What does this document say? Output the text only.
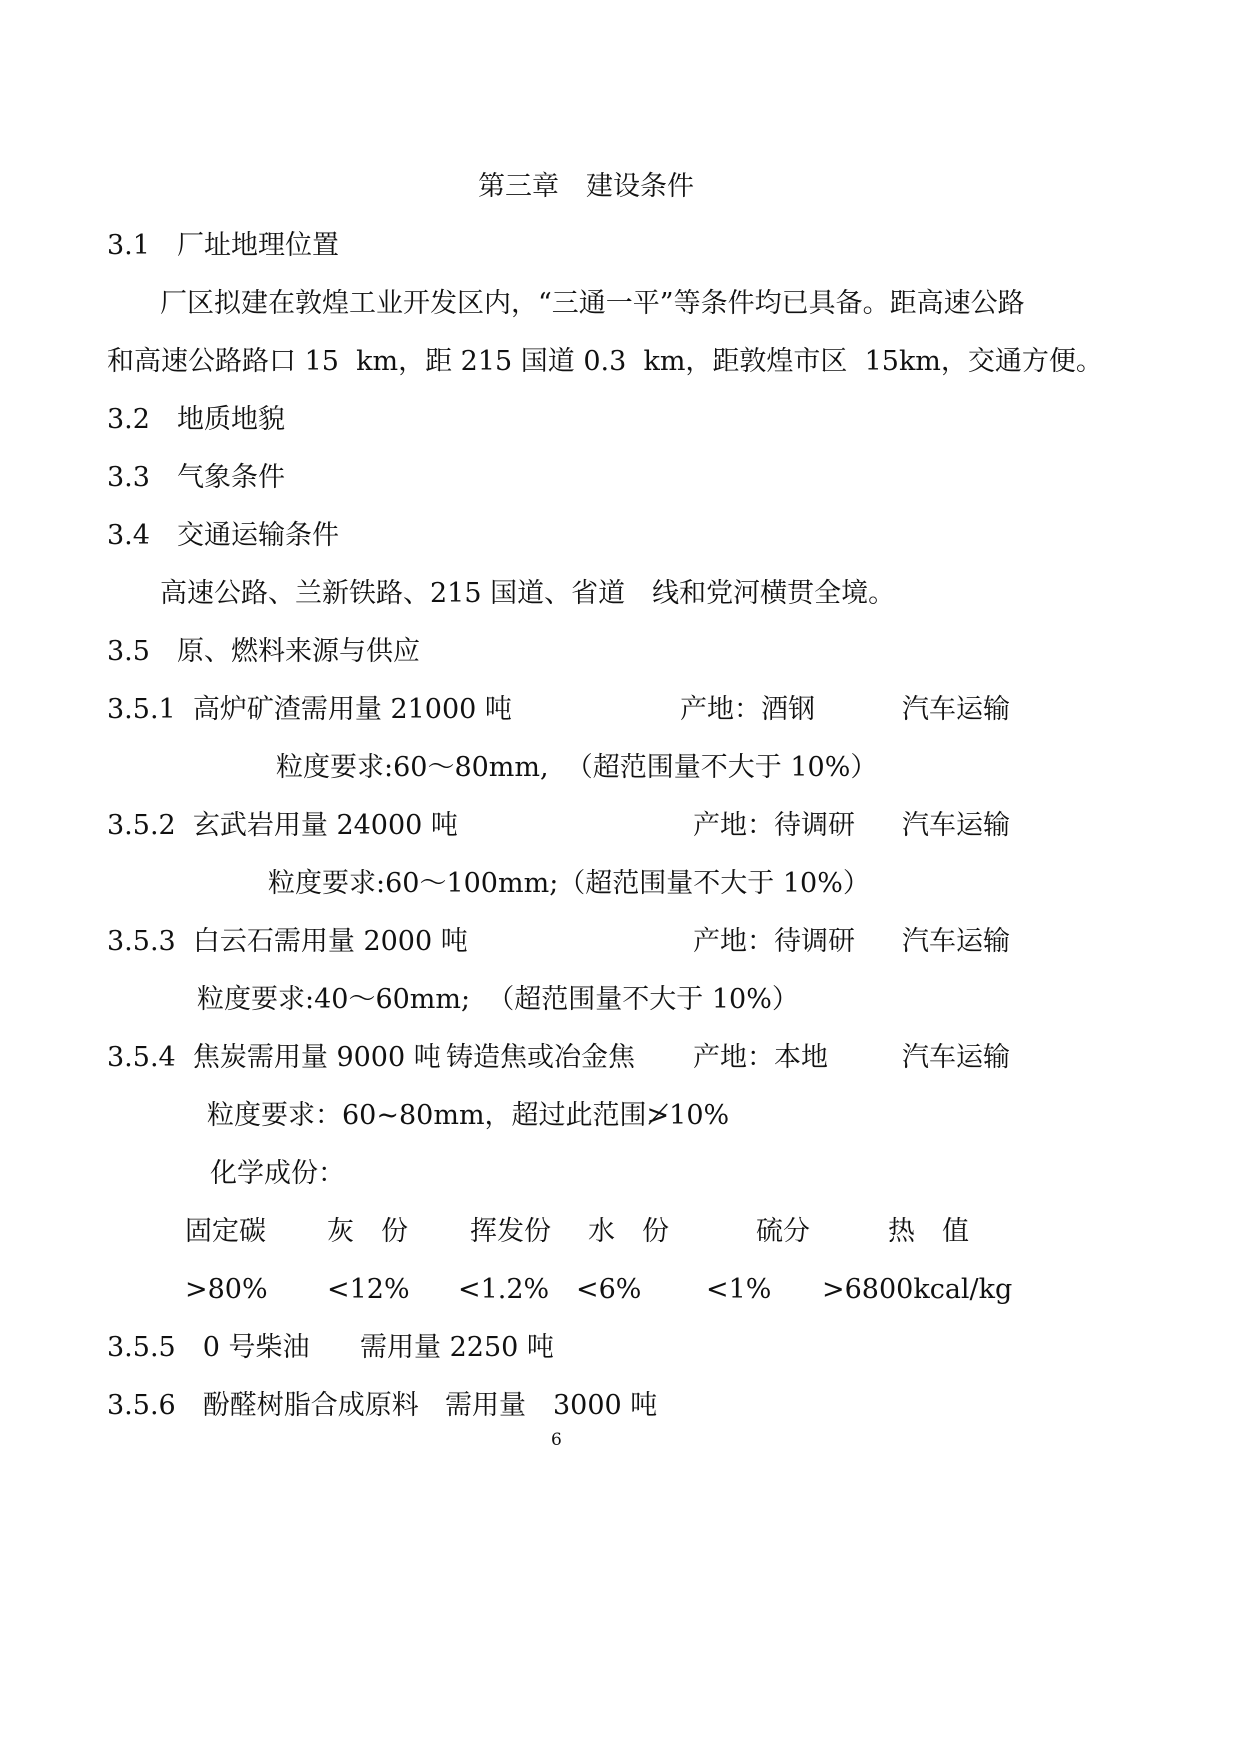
第三章　建设条件
3.1　厂址地理位置
厂区拟建在敦煌工业开发区内，“三通一平”等条件均已具备。距高速公路
和高速公路路口 15  km，距 215 国道 0.3  km，距敦煌市区  15km，交通方便。
3.2　地质地貌
3.3　气象条件
3.4　交通运输条件
高速公路、兰新铁路、215 国道、省道　线和党河横贯全境。
3.5　原、燃料来源与供应
3.5.1  高炉矿渣需用量 21000 吨	产地：酒钢	汽车运输
粒度要求:60～80mm,  （超范围量不大于 10%）
3.5.2  玄武岩用量 24000 吨	产地：待调研 汽车运输
粒度要求:60～100mm;（超范围量不大于 10%）
3.5.3  白云石需用量 2000 吨	产地：待调研 汽车运输
粒度要求:40～60mm;  （超范围量不大于 10%）
3.5.4  焦炭需用量 9000 吨 铸造焦或冶金焦 产地：本地	汽车运输
粒度要求：60~80mm，超过此范围≯10%
化学成份：
固定碳 灰　份 挥发份 水　份	硫分	热　值
>80% <12% <1.2% <6% <1% >6800kcal/kg
3.5.5　0 号柴油 需用量 2250 吨
3.5.6　酚醛树脂合成原料 需用量　3000 吨
6
